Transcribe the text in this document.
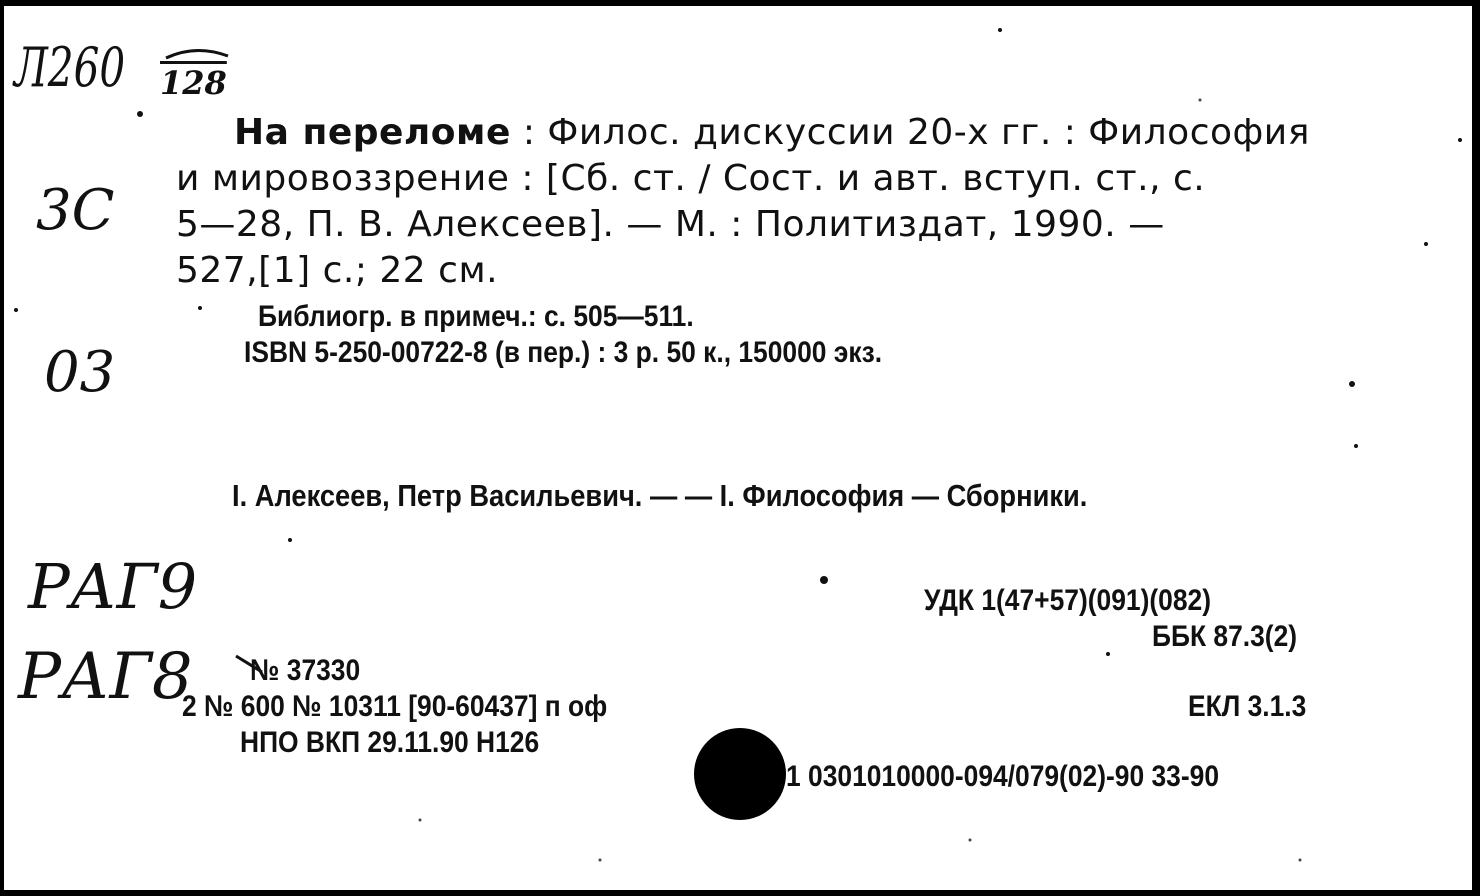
Л260 128
3С
03
РАГ9
РАГ8
На переломе : Филос. дискуссии 20-х гг. : Философия
и мировоззрение : [Сб. ст. / Сост. и авт. вступ. ст., с.
5—28, П. В. Алексеев]. — М. : Политиздат, 1990. —
527,[1] с.; 22 см.
Библиогр. в примеч.: с. 505—511.
ISBN 5-250-00722-8 (в пер.) : 3 р. 50 к., 150000 экз.
I. Алексеев, Петр Васильевич. — — I. Философия — Сборники.
УДК 1(47+57)(091)(082)
ББК 87.3(2)
ЕКЛ 3.1.3
1 0301010000-094/079(02)-90 33-90
№ 37330
2 № 600 № 10311 [90-60437] п оф
НПО ВКП 29.11.90 Н126
